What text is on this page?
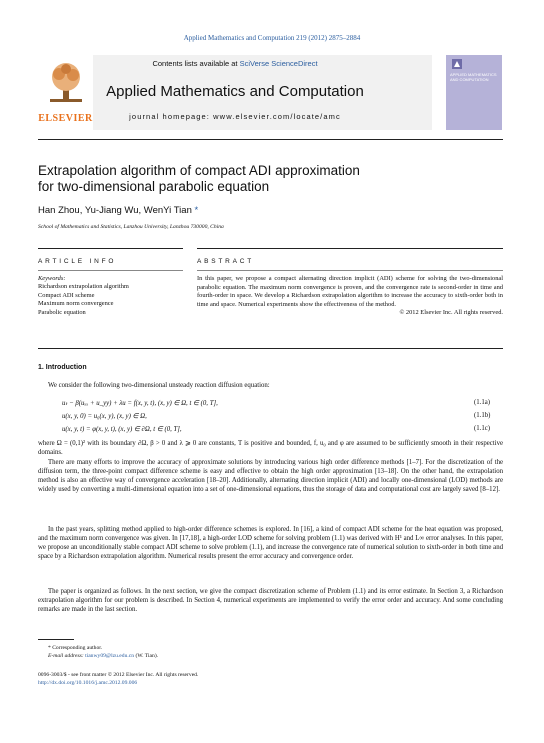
Applied Mathematics and Computation 219 (2012) 2875–2884
Contents lists available at SciVerse ScienceDirect
Applied Mathematics and Computation
journal homepage: www.elsevier.com/locate/amc
ELSEVIER
APPLIED MATHEMATICS AND COMPUTATION
Extrapolation algorithm of compact ADI approximation
for two-dimensional parabolic equation
Han Zhou, Yu-Jiang Wu, WenYi Tian *
School of Mathematics and Statistics, Lanzhou University, Lanzhou 730000, China
ARTICLE INFO
Keywords:
Richardson extrapolation algorithm
Compact ADI scheme
Maximum norm convergence
Parabolic equation
ABSTRACT
In this paper, we propose a compact alternating direction implicit (ADI) scheme for solving the two-dimensional parabolic equation. The maximum norm convergence is proven, and the convergence rate is second-order in time and fourth-order in space. We develop a Richardson extrapolation algorithm to increase the accuracy to sixth-order both in time and space. Numerical experiments show the effectiveness of the method.
© 2012 Elsevier Inc. All rights reserved.
1. Introduction
We consider the following two-dimensional unsteady reaction diffusion equation:
uₜ − β(uₓₓ + u_yy) + λu = f(x, y, t), (x, y) ∈ Ω, t ∈ (0, T],	(1.1a)
u(x, y, 0) = u₀(x, y), (x, y) ∈ Ω,	(1.1b)
u(x, y, t) = φ(x, y, t), (x, y) ∈ ∂Ω, t ∈ (0, T],	(1.1c)
where Ω = (0,1)² with its boundary ∂Ω, β > 0 and λ ⩾ 0 are constants, T is positive and bounded, f, u₀ and φ are assumed to be sufficiently smooth in their respective domains.
There are many efforts to improve the accuracy of approximate solutions by introducing various high order difference methods [1–7]. For the discretization of the diffusion term, the three-point compact difference scheme is easy and effective to obtain the high order approximation [13–18]. On the other hand, the extrapolation method is also an effective way of convergence acceleration [18–20]. Additionally, alternating direction implicit (ADI) and locally one-dimensional (LOD) methods are widely used by converting a multi-dimensional equation into a set of one-dimensional equations, thus the storage of data and computational cost are largely saved [8–12].
In the past years, splitting method applied to high-order difference schemes is explored. In [16], a kind of compact ADI scheme for the heat equation was proposed, and the maximum norm convergence was given. In [17,18], a high-order LOD scheme for solving problem (1.1) was derived with H¹ and L∞ error analyses. In this paper, we propose an unconditionally stable compact ADI scheme to solve problem (1.1), and increase the convergence rate of numerical solution to sixth-order in both time and space by a Richardson extrapolation algorithm. Numerical results present the error accuracy and convergence order.
The paper is organized as follows. In the next section, we give the compact discretization scheme of Problem (1.1) and its error estimate. In Section 3, a Richardson extrapolation algorithm for our problem is described. In Section 4, numerical experiments are implemented to verify the error order and accuracy. And some concluding remarks are made in the last section.
* Corresponding author.
E-mail address: tianwy09@lzu.edu.cn (W. Tian).
0096-3003/$ - see front matter © 2012 Elsevier Inc. All rights reserved.
http://dx.doi.org/10.1016/j.amc.2012.09.006
